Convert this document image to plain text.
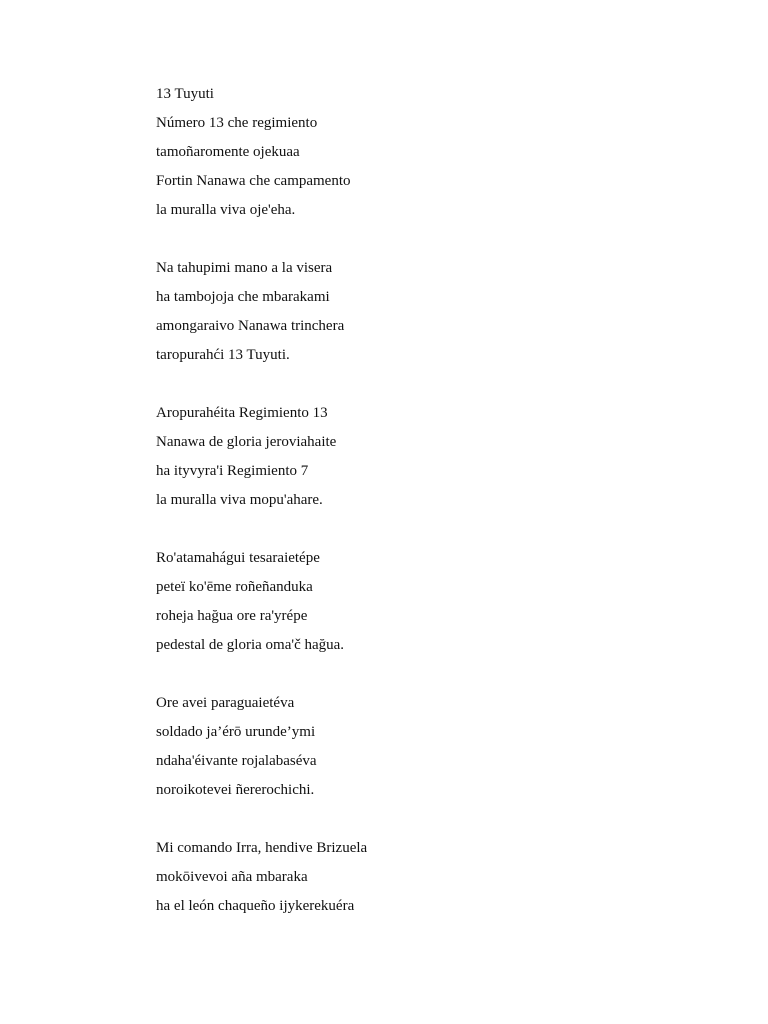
13 Tuyuti
Número 13 che regimiento
tamoñaromente ojekuaa
Fortin Nanawa che campamento
la muralla viva oje'eha.
Na tahupimi mano a la visera
ha tambojoja che mbarakami
amongaraivo Nanawa trinchera
taropurahći 13 Tuyuti.
Aropurahéita Regimiento 13
Nanawa de gloria jeroviahaite
ha ityvyra'i Regimiento 7
la muralla viva mopu'ahare.
Ro'atamahágui tesaraietépe
peteï ko'ēme roñeñanduka
roheja hağua ore ra'yrépe
pedestal de gloria oma'č hağua.
Ore avei paraguaietéva
soldado ja’érō urunde’ymi
ndaha'éivante rojalabaséva
noroikotevei ñererochichi.
Mi comando Irra, hendive Brizuela
mokōivevoi aña mbaraka
ha el león chaqueño ijykerekuéra
